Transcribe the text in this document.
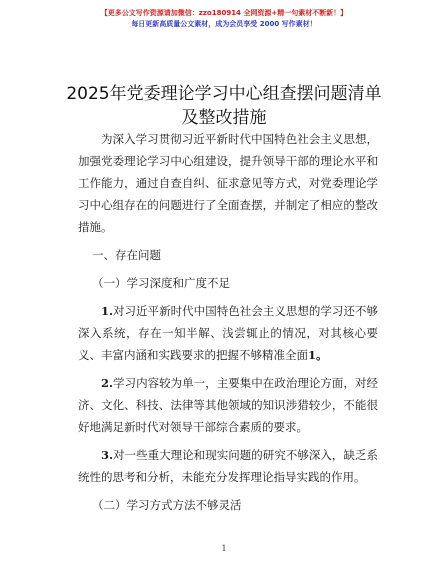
【更多公文写作资源请加微信：zzo180914 全网资源+精一句素材不断新！】
每日更新高质量公文素材，成为会员享受 2000 写作素材！
2025年党委理论学习中心组查摆问题清单及整改措施

为深入学习贯彻习近平新时代中国特色社会主义思想，加强党委理论学习中心组建设，提升领导干部的理论水平和工作能力，通过自查自纠、征求意见等方式，对党委理论学习中心组存在的问题进行了全面查摆，并制定了相应的整改措施。

一、存在问题

（一）学习深度和广度不足

1.对习近平新时代中国特色社会主义思想的学习还不够深入系统，存在一知半解、浅尝辄止的情况，对其核心要义、丰富内涵和实践要求的把握不够精准全面1。

2.学习内容较为单一，主要集中在政治理论方面，对经济、文化、科技、法律等其他领域的知识涉猎较少，不能很好地满足新时代对领导干部综合素质的要求。

3.对一些重大理论和现实问题的研究不够深入，缺乏系统性的思考和分析，未能充分发挥理论指导实践的作用。

（二）学习方式方法不够灵活

1
